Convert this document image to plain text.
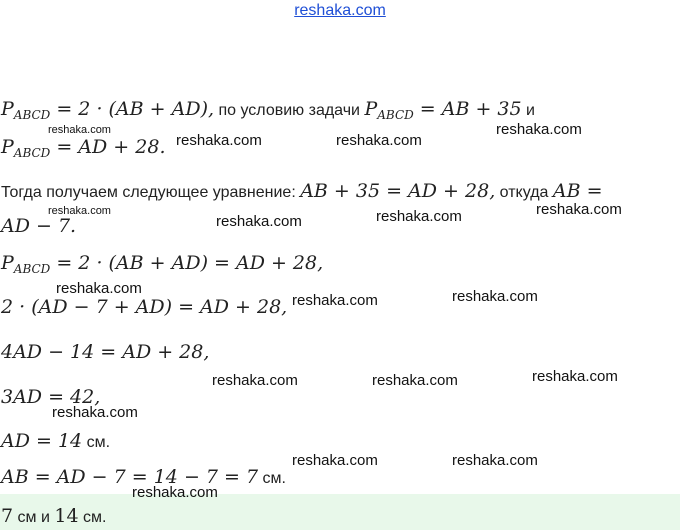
reshaka.com
$P_{ABCD} = 2 \cdot (AB + AD)$, по условию задачи $P_{ABCD}$ = AB + 35 и
$P_{ABCD}$ = AD + 28.
Тогда получаем следующее уравнение: AB + 35 = AD + 28, откуда AB =
AD − 7.
$P_{ABCD} = 2 \cdot (AB + AD)$ = AD + 28,
2 · (AD − 7 + AD) = AD + 28,
4AD − 14 = AD + 28,
3AD = 42,
AD = 14 см.
AB = AD − 7 = 14 − 7 = 7 см.
7 см и 14 см.
reshaka.com
reshaka.com	reshaka.com
reshaka.com
reshaka.com
reshaka.com	reshaka.com	reshaka.com
reshaka.com
reshaka.com	reshaka.com
reshaka.com	reshaka.com	reshaka.com
reshaka.com
reshaka.com	reshaka.com
reshaka.com
